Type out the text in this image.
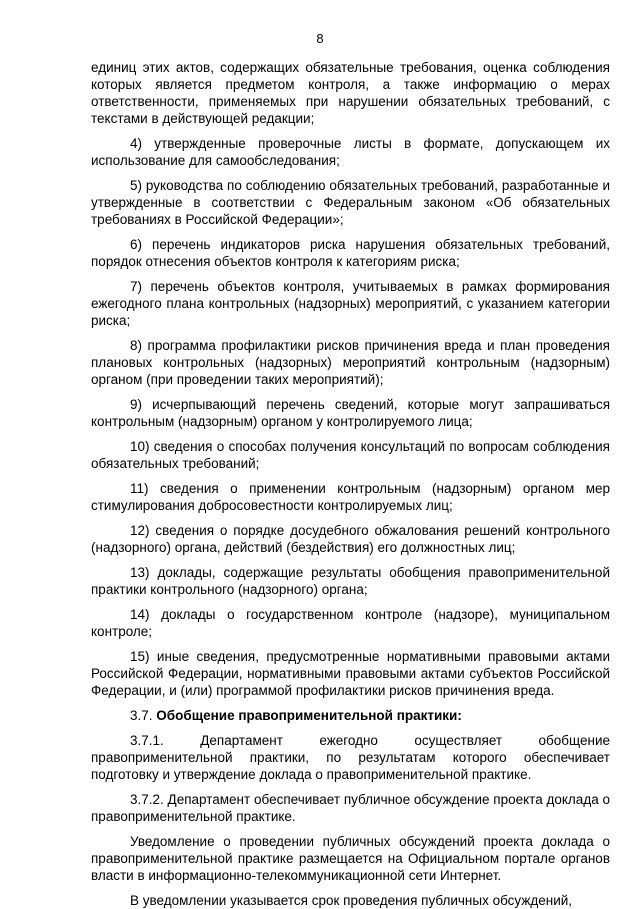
8

единиц этих актов, содержащих обязательные требования, оценка соблюдения которых является предметом контроля, а также информацию о мерах ответственности, применяемых при нарушении обязательных требований, с текстами в действующей редакции;

4) утвержденные проверочные листы в формате, допускающем их использование для самообследования;

5) руководства по соблюдению обязательных требований, разработанные и утвержденные в соответствии с Федеральным законом «Об обязательных требованиях в Российской Федерации»;

6) перечень индикаторов риска нарушения обязательных требований, порядок отнесения объектов контроля к категориям риска;

7) перечень объектов контроля, учитываемых в рамках формирования ежегодного плана контрольных (надзорных) мероприятий, с указанием категории риска;

8) программа профилактики рисков причинения вреда и план проведения плановых контрольных (надзорных) мероприятий контрольным (надзорным) органом (при проведении таких мероприятий);

9) исчерпывающий перечень сведений, которые могут запрашиваться контрольным (надзорным) органом у контролируемого лица;

10) сведения о способах получения консультаций по вопросам соблюдения обязательных требований;

11) сведения о применении контрольным (надзорным) органом мер стимулирования добросовестности контролируемых лиц;

12) сведения о порядке досудебного обжалования решений контрольного (надзорного) органа, действий (бездействия) его должностных лиц;

13) доклады, содержащие результаты обобщения правоприменительной практики контрольного (надзорного) органа;

14) доклады о государственном контроле (надзоре), муниципальном контроле;

15) иные сведения, предусмотренные нормативными правовыми актами Российской Федерации, нормативными правовыми актами субъектов Российской Федерации, и (или) программой профилактики рисков причинения вреда.

3.7. Обобщение правоприменительной практики:

3.7.1. Департамент ежегодно осуществляет обобщение правоприменительной практики, по результатам которого обеспечивает подготовку и утверждение доклада о правоприменительной практике.

3.7.2. Департамент обеспечивает публичное обсуждение проекта доклада о правоприменительной практике.

Уведомление о проведении публичных обсуждений проекта доклада о правоприменительной практике размещается на Официальном портале органов власти в информационно-телекоммуникационной сети Интернет.

В уведомлении указывается срок проведения публичных обсуждений,
